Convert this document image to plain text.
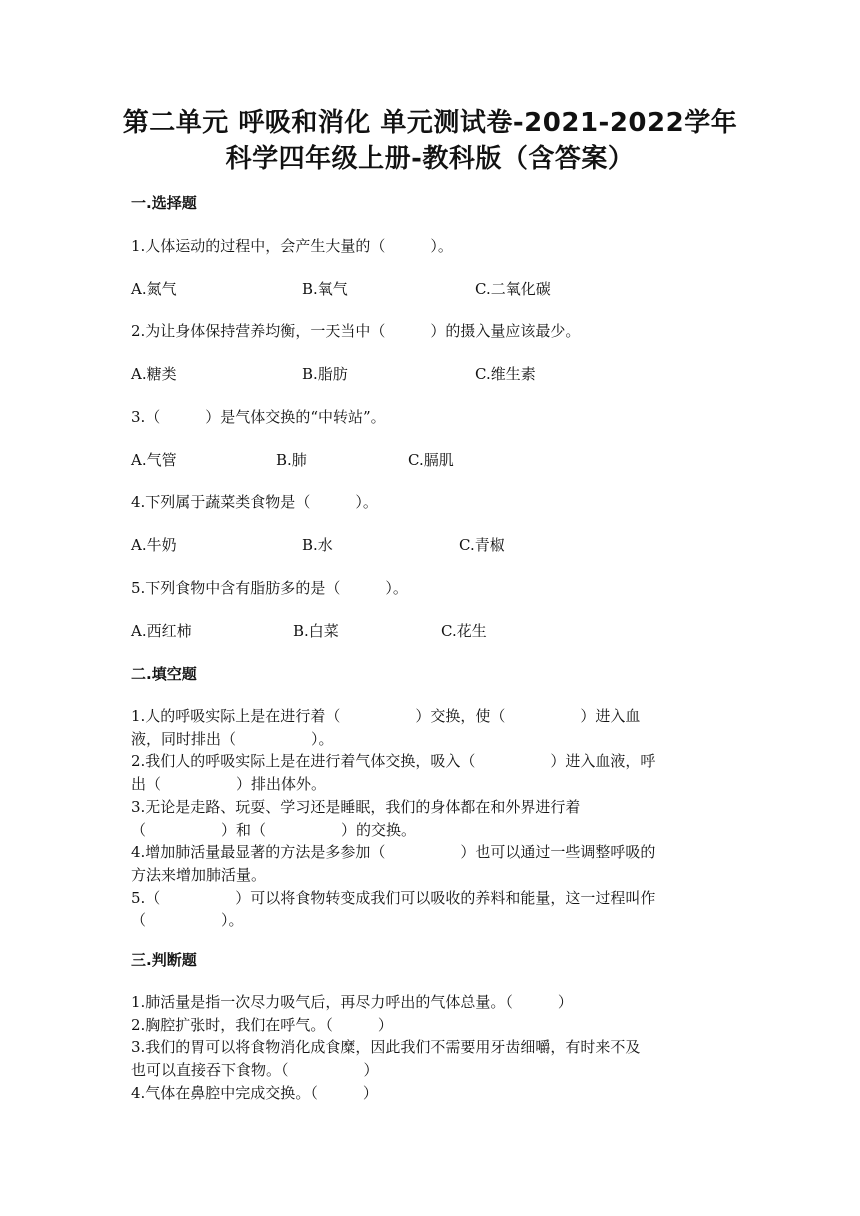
第二单元 呼吸和消化 单元测试卷-2021-2022学年
科学四年级上册-教科版（含答案）
一.选择题
1.人体运动的过程中，会产生大量的（　　　）。
A.氮气	B.氧气	C.二氧化碳
2.为让身体保持营养均衡，一天当中（　　　）的摄入量应该最少。
A.糖类	B.脂肪	C.维生素
3.（　　　）是气体交换的“中转站”。
A.气管	B.肺	C.膈肌
4.下列属于蔬菜类食物是（　　　）。
A.牛奶	B.水	C.青椒
5.下列食物中含有脂肪多的是（　　　）。
A.西红柿	B.白菜	C.花生
二.填空题
1.人的呼吸实际上是在进行着（　　　　　）交换，使（　　　　　）进入血
液，同时排出（　　　　　）。
2.我们人的呼吸实际上是在进行着气体交换，吸入（　　　　　）进入血液，呼
出（　　　　　）排出体外。
3.无论是走路、玩耍、学习还是睡眠，我们的身体都在和外界进行着
（　　　　　）和（　　　　　）的交换。
4.增加肺活量最显著的方法是多参加（　　　　　）也可以通过一些调整呼吸的
方法来增加肺活量。
5.（　　　　　）可以将食物转变成我们可以吸收的养料和能量，这一过程叫作
（　　　　　）。
三.判断题
1.肺活量是指一次尽力吸气后，再尽力呼出的气体总量。（　　　）
2.胸腔扩张时，我们在呼气。（　　　）
3.我们的胃可以将食物消化成食糜，因此我们不需要用牙齿细嚼，有时来不及
也可以直接吞下食物。（　　　　　）
4.气体在鼻腔中完成交换。（　　　）
